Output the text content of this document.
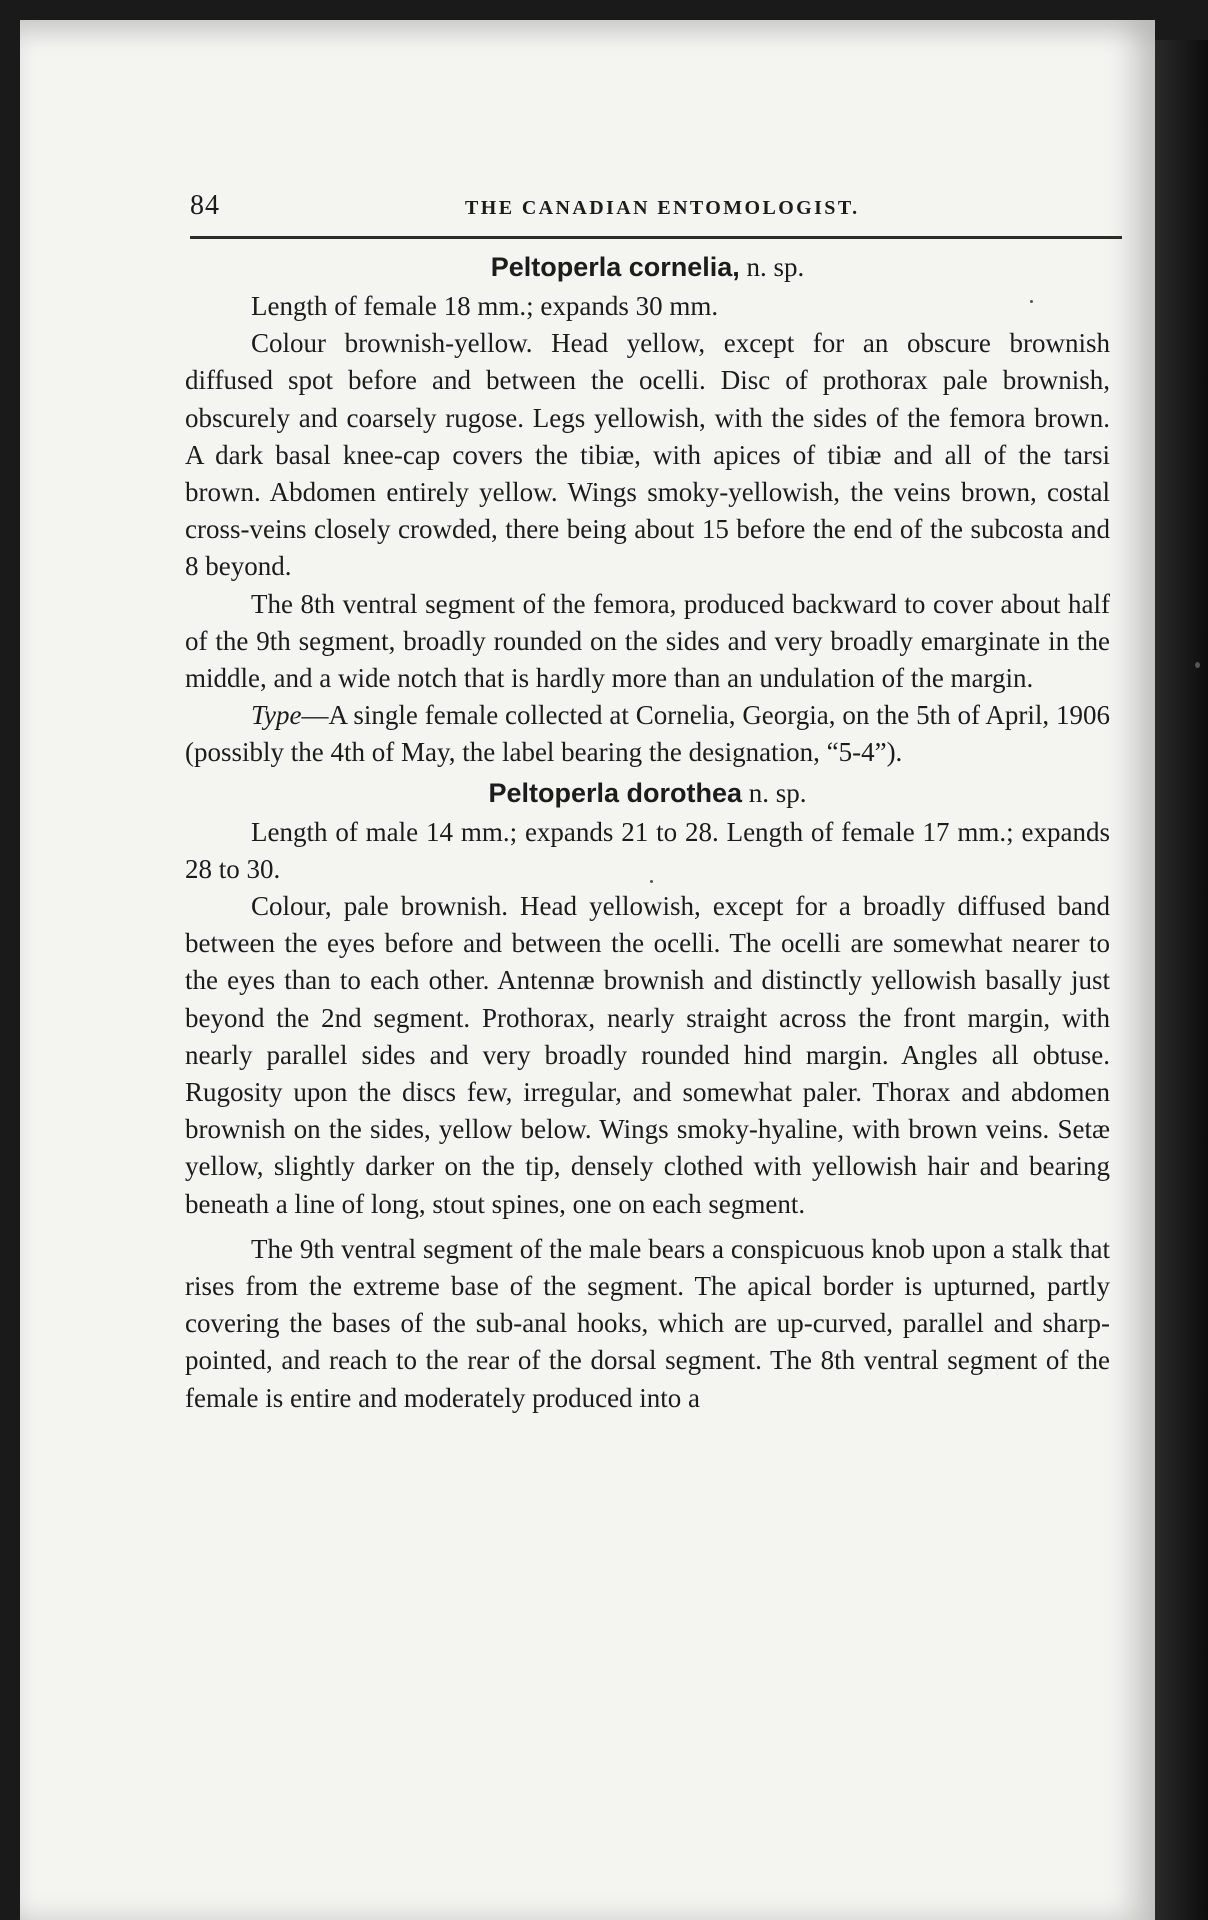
84	THE CANADIAN ENTOMOLOGIST.
Peltoperla cornelia, n. sp.

Length of female 18 mm.; expands 30 mm.

Colour brownish-yellow. Head yellow, except for an obscure brownish diffused spot before and between the ocelli. Disc of prothorax pale brownish, obscurely and coarsely rugose. Legs yellowish, with the sides of the femora brown. A dark basal knee-cap covers the tibiæ, with apices of tibiæ and all of the tarsi brown. Abdomen entirely yellow. Wings smoky-yellowish, the veins brown, costal cross-veins closely crowded, there being about 15 before the end of the subcosta and 8 beyond.

The 8th ventral segment of the femora, produced backward to cover about half of the 9th segment, broadly rounded on the sides and very broadly emarginate in the middle, and a wide notch that is hardly more than an undulation of the margin.

Type—A single female collected at Cornelia, Georgia, on the 5th of April, 1906 (possibly the 4th of May, the label bearing the designation, “5-4”).

Peltoperla dorothea n. sp.

Length of male 14 mm.; expands 21 to 28. Length of female 17 mm.; expands 28 to 30.

Colour, pale brownish. Head yellowish, except for a broadly diffused band between the eyes before and between the ocelli. The ocelli are somewhat nearer to the eyes than to each other. Antennæ brownish and distinctly yellowish basally just beyond the 2nd segment. Prothorax, nearly straight across the front margin, with nearly parallel sides and very broadly rounded hind margin. Angles all obtuse. Rugosity upon the discs few, irregular, and somewhat paler. Thorax and abdomen brownish on the sides, yellow below. Wings smoky-hyaline, with brown veins. Setæ yellow, slightly darker on the tip, densely clothed with yellowish hair and bearing beneath a line of long, stout spines, one on each segment.

The 9th ventral segment of the male bears a conspicuous knob upon a stalk that rises from the extreme base of the segment. The apical border is upturned, partly covering the bases of the sub-anal hooks, which are up-curved, parallel and sharp-pointed, and reach to the rear of the dorsal segment. The 8th ventral segment of the female is entire and moderately produced into a
